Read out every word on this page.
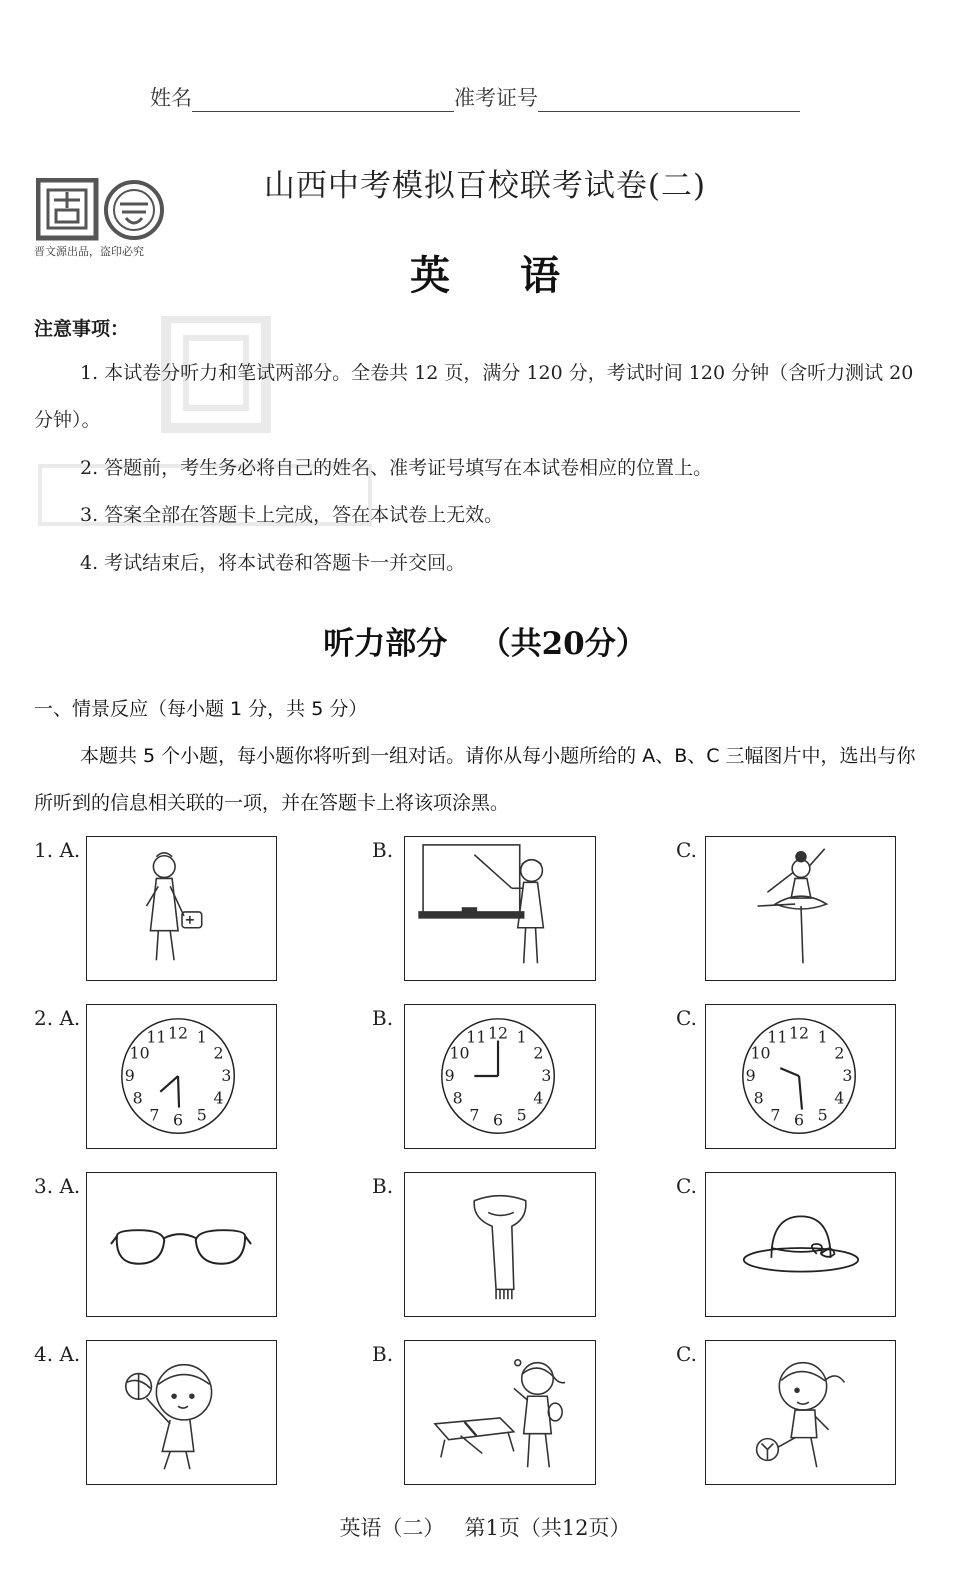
姓名	准考证号
晋文源出品，盗印必究
山西中考模拟百校联考试卷(二)
英语
注意事项：
1. 本试卷分听力和笔试两部分。全卷共 12 页，满分 120 分，考试时间 120 分钟（含听力测试 20 分钟）。
2. 答题前，考生务必将自己的姓名、准考证号填写在本试卷相应的位置上。
3. 答案全部在答题卡上完成，答在本试卷上无效。
4. 考试结束后，将本试卷和答题卡一并交回。
听力部分   （共20分）
一、情景反应（每小题 1 分，共 5 分）
本题共 5 个小题，每小题你将听到一组对话。请你从每小题所给的 A、B、C 三幅图片中，选出与你所听到的信息相关联的一项，并在答题卡上将该项涂黑。
1. A.	B.	C.
2. A.	B.	C.
3. A.	B.	C.
4. A.	B.	C.
12 1
2
3
4
5
6
7
8
9
10
11	12 1
2
3
4
5
6
7
8
9
10
11	12 1
2
3
4
5
6
7
8
9
10
11
英语（二）   第1页（共12页）
